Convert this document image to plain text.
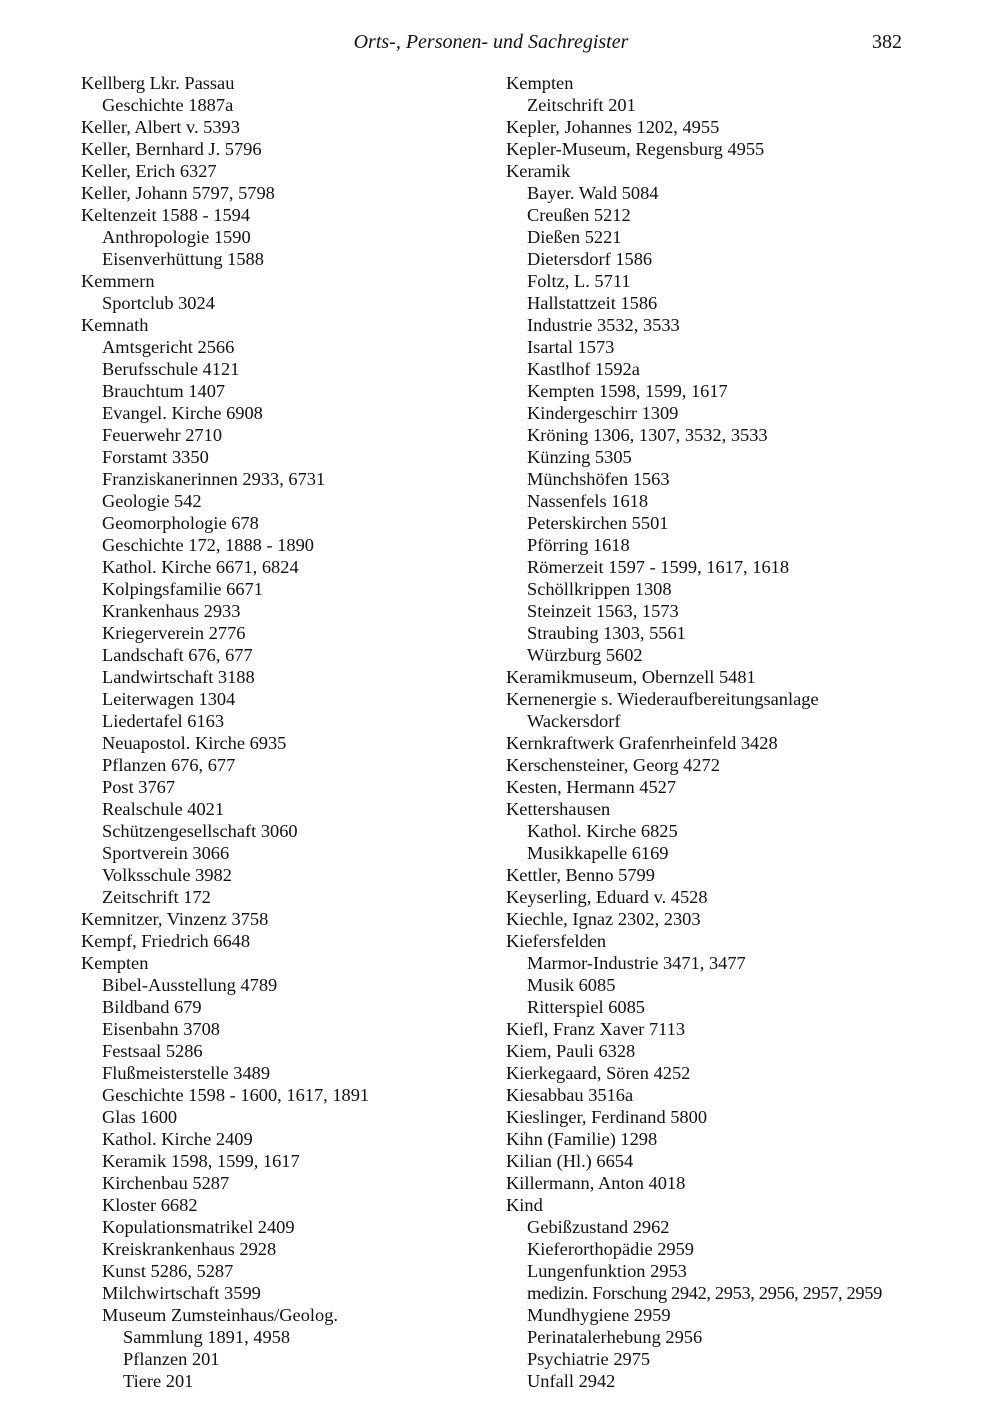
Orts-, Personen- und Sachregister	382
Kellberg Lkr. Passau
Geschichte 1887a
Keller, Albert v. 5393
Keller, Bernhard J. 5796
Keller, Erich 6327
Keller, Johann 5797, 5798
Keltenzeit 1588 - 1594
Anthropologie 1590
Eisenverhüttung 1588
Kemmern
Sportclub 3024
Kemnath
Amtsgericht 2566
Berufsschule 4121
Brauchtum 1407
Evangel. Kirche 6908
Feuerwehr 2710
Forstamt 3350
Franziskanerinnen 2933, 6731
Geologie 542
Geomorphologie 678
Geschichte 172, 1888 - 1890
Kathol. Kirche 6671, 6824
Kolpingsfamilie 6671
Krankenhaus 2933
Kriegerverein 2776
Landschaft 676, 677
Landwirtschaft 3188
Leiterwagen 1304
Liedertafel 6163
Neuapostol. Kirche 6935
Pflanzen 676, 677
Post 3767
Realschule 4021
Schützengesellschaft 3060
Sportverein 3066
Volksschule 3982
Zeitschrift 172
Kemnitzer, Vinzenz 3758
Kempf, Friedrich 6648
Kempten
Bibel-Ausstellung 4789
Bildband 679
Eisenbahn 3708
Festsaal 5286
Flußmeisterstelle 3489
Geschichte 1598 - 1600, 1617, 1891
Glas 1600
Kathol. Kirche 2409
Keramik 1598, 1599, 1617
Kirchenbau 5287
Kloster 6682
Kopulationsmatrikel 2409
Kreiskrankenhaus 2928
Kunst 5286, 5287
Milchwirtschaft 3599
Museum Zumsteinhaus/Geolog.
Sammlung 1891, 4958
Pflanzen 201
Tiere 201
Kempten
Zeitschrift 201
Kepler, Johannes 1202, 4955
Kepler-Museum, Regensburg 4955
Keramik
Bayer. Wald 5084
Creußen 5212
Dießen 5221
Dietersdorf 1586
Foltz, L. 5711
Hallstattzeit 1586
Industrie 3532, 3533
Isartal 1573
Kastlhof 1592a
Kempten 1598, 1599, 1617
Kindergeschirr 1309
Kröning 1306, 1307, 3532, 3533
Künzing 5305
Münchshöfen 1563
Nassenfels 1618
Peterskirchen 5501
Pförring 1618
Römerzeit 1597 - 1599, 1617, 1618
Schöllkrippen 1308
Steinzeit 1563, 1573
Straubing 1303, 5561
Würzburg 5602
Keramikmuseum, Obernzell 5481
Kernenergie s. Wiederaufbereitungsanlage
Wackersdorf
Kernkraftwerk Grafenrheinfeld 3428
Kerschensteiner, Georg 4272
Kesten, Hermann 4527
Kettershausen
Kathol. Kirche 6825
Musikkapelle 6169
Kettler, Benno 5799
Keyserling, Eduard v. 4528
Kiechle, Ignaz 2302, 2303
Kiefersfelden
Marmor-Industrie 3471, 3477
Musik 6085
Ritterspiel 6085
Kiefl, Franz Xaver 7113
Kiem, Pauli 6328
Kierkegaard, Sören 4252
Kiesabbau 3516a
Kieslinger, Ferdinand 5800
Kihn (Familie) 1298
Kilian (Hl.) 6654
Killermann, Anton 4018
Kind
Gebißzustand 2962
Kieferorthopädie 2959
Lungenfunktion 2953
medizin. Forschung 2942, 2953, 2956, 2957, 2959
Mundhygiene 2959
Perinatalerhebung 2956
Psychiatrie 2975
Unfall 2942
